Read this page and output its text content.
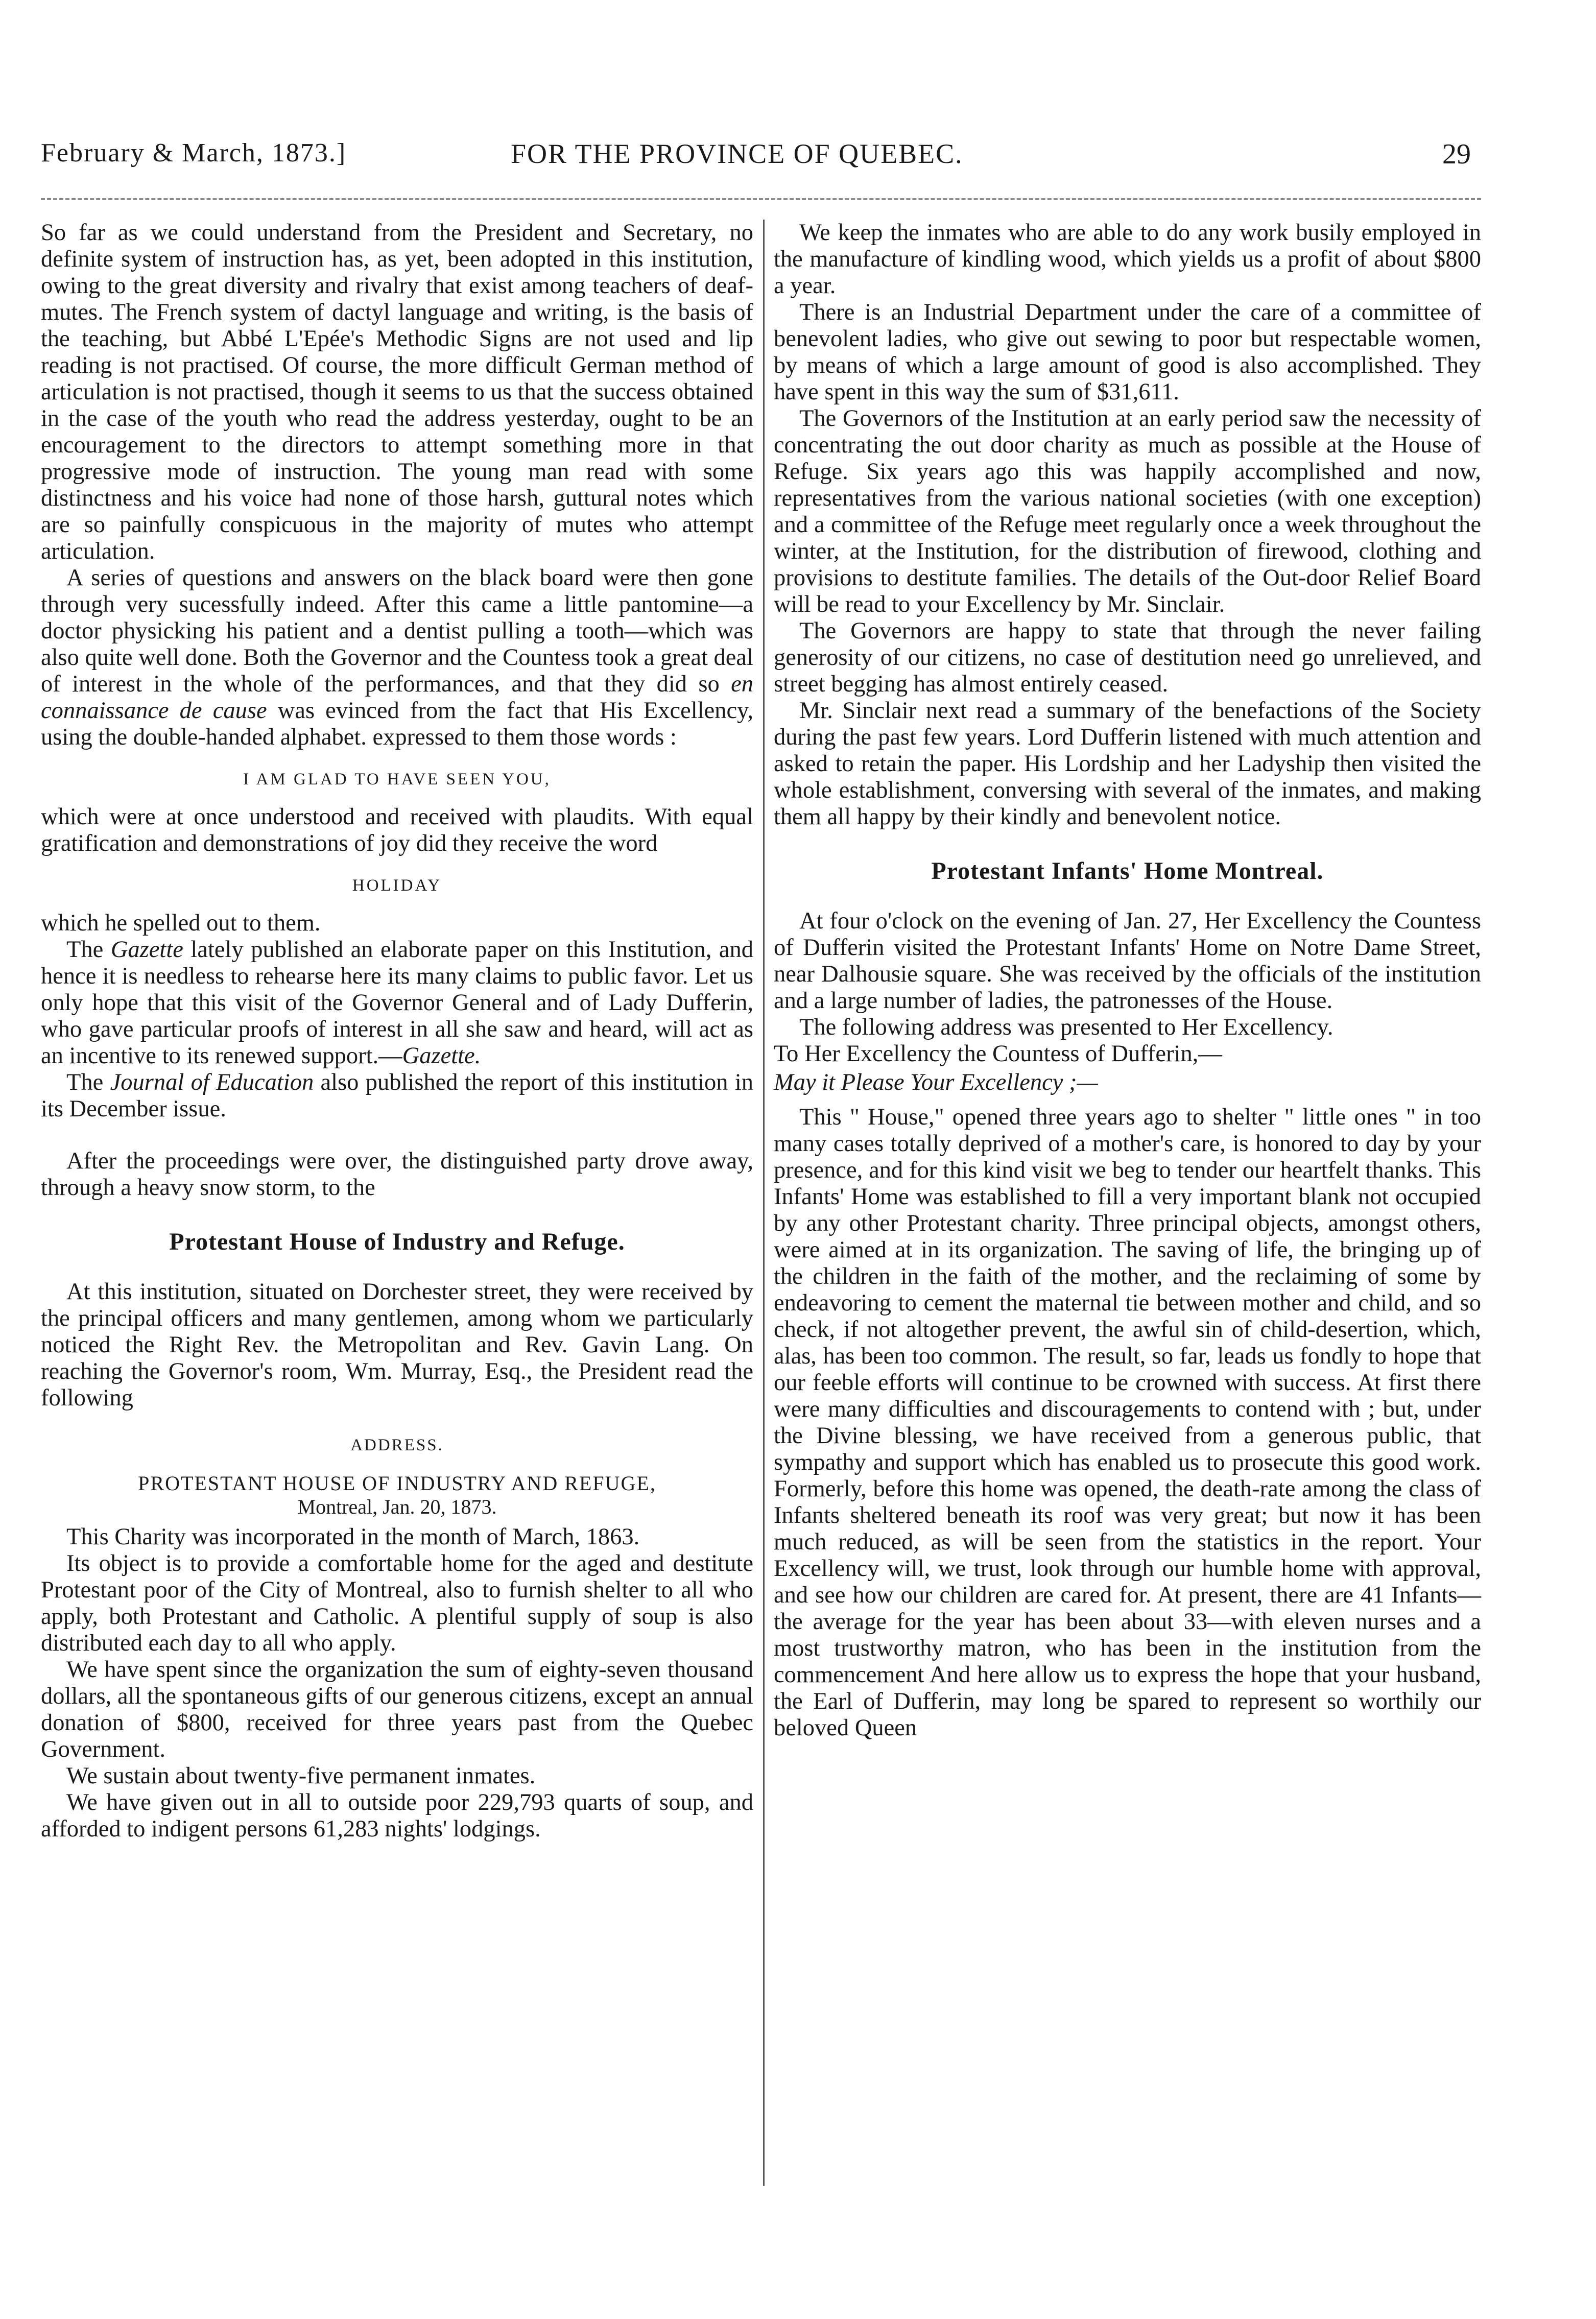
February & March, 1873.]	FOR THE PROVINCE OF QUEBEC.	29

So far as we could understand from the President and Secretary, no definite system of instruction has, as yet, been adopted in this institution, owing to the great diversity and rivalry that exist among teachers of deaf-mutes. The French system of dactyl language and writing, is the basis of the teaching, but Abbé L'Epée's Methodic Signs are not used and lip reading is not practised. Of course, the more difficult German method of articulation is not practised, though it seems to us that the success obtained in the case of the youth who read the address yesterday, ought to be an encouragement to the directors to attempt something more in that progressive mode of instruction. The young man read with some distinctness and his voice had none of those harsh, guttural notes which are so painfully conspicuous in the majority of mutes who attempt articulation.

A series of questions and answers on the black board were then gone through very sucessfully indeed. After this came a little pantomine—a doctor physicking his patient and a dentist pulling a tooth—which was also quite well done. Both the Governor and the Countess took a great deal of interest in the whole of the performances, and that they did so en connaissance de cause was evinced from the fact that His Excellency, using the double-handed alphabet. expressed to them those words :

I AM GLAD TO HAVE SEEN YOU,

which were at once understood and received with plaudits. With equal gratification and demonstrations of joy did they receive the word

HOLIDAY

which he spelled out to them.

The Gazette lately published an elaborate paper on this Institution, and hence it is needless to rehearse here its many claims to public favor. Let us only hope that this visit of the Governor General and of Lady Dufferin, who gave particular proofs of interest in all she saw and heard, will act as an incentive to its renewed support.—Gazette.

The Journal of Education also published the report of this institution in its December issue.

After the proceedings were over, the distinguished party drove away, through a heavy snow storm, to the

Protestant House of Industry and Refuge.

At this institution, situated on Dorchester street, they were received by the principal officers and many gentlemen, among whom we particularly noticed the Right Rev. the Metropolitan and Rev. Gavin Lang. On reaching the Governor's room, Wm. Murray, Esq., the President read the following

ADDRESS.
PROTESTANT HOUSE OF INDUSTRY AND REFUGE,
Montreal, Jan. 20, 1873.

This Charity was incorporated in the month of March, 1863.

Its object is to provide a comfortable home for the aged and destitute Protestant poor of the City of Montreal, also to furnish shelter to all who apply, both Protestant and Catholic. A plentiful supply of soup is also distributed each day to all who apply.

We have spent since the organization the sum of eighty-seven thousand dollars, all the spontaneous gifts of our generous citizens, except an annual donation of $800, received for three years past from the Quebec Government.

We sustain about twenty-five permanent inmates.

We have given out in all to outside poor 229,793 quarts of soup, and afforded to indigent persons 61,283 nights' lodgings.

We keep the inmates who are able to do any work busily employed in the manufacture of kindling wood, which yields us a profit of about $800 a year.

There is an Industrial Department under the care of a committee of benevolent ladies, who give out sewing to poor but respectable women, by means of which a large amount of good is also accomplished. They have spent in this way the sum of $31,611.

The Governors of the Institution at an early period saw the necessity of concentrating the out door charity as much as possible at the House of Refuge. Six years ago this was happily accomplished and now, representatives from the various national societies (with one exception) and a committee of the Refuge meet regularly once a week throughout the winter, at the Institution, for the distribution of firewood, clothing and provisions to destitute families. The details of the Out-door Relief Board will be read to your Excellency by Mr. Sinclair.

The Governors are happy to state that through the never failing generosity of our citizens, no case of destitution need go unrelieved, and street begging has almost entirely ceased.

Mr. Sinclair next read a summary of the benefactions of the Society during the past few years. Lord Dufferin listened with much attention and asked to retain the paper. His Lordship and her Ladyship then visited the whole establishment, conversing with several of the inmates, and making them all happy by their kindly and benevolent notice.

Protestant Infants' Home Montreal.

At four o'clock on the evening of Jan. 27, Her Excellency the Countess of Dufferin visited the Protestant Infants' Home on Notre Dame Street, near Dalhousie square. She was received by the officials of the institution and a large number of ladies, the patronesses of the House.

The following address was presented to Her Excellency.

To Her Excellency the Countess of Dufferin,—

May it Please Your Excellency ;—

This " House," opened three years ago to shelter " little ones " in too many cases totally deprived of a mother's care, is honored to day by your presence, and for this kind visit we beg to tender our heartfelt thanks. This Infants' Home was established to fill a very important blank not occupied by any other Protestant charity. Three principal objects, amongst others, were aimed at in its organization. The saving of life, the bringing up of the children in the faith of the mother, and the reclaiming of some by endeavoring to cement the maternal tie between mother and child, and so check, if not altogether prevent, the awful sin of child-desertion, which, alas, has been too common. The result, so far, leads us fondly to hope that our feeble efforts will continue to be crowned with success. At first there were many difficulties and discouragements to contend with ; but, under the Divine blessing, we have received from a generous public, that sympathy and support which has enabled us to prosecute this good work. Formerly, before this home was opened, the death-rate among the class of Infants sheltered beneath its roof was very great; but now it has been much reduced, as will be seen from the statistics in the report. Your Excellency will, we trust, look through our humble home with approval, and see how our children are cared for. At present, there are 41 Infants—the average for the year has been about 33—with eleven nurses and a most trustworthy matron, who has been in the institution from the commencement And here allow us to express the hope that your husband, the Earl of Dufferin, may long be spared to represent so worthily our beloved Queen
